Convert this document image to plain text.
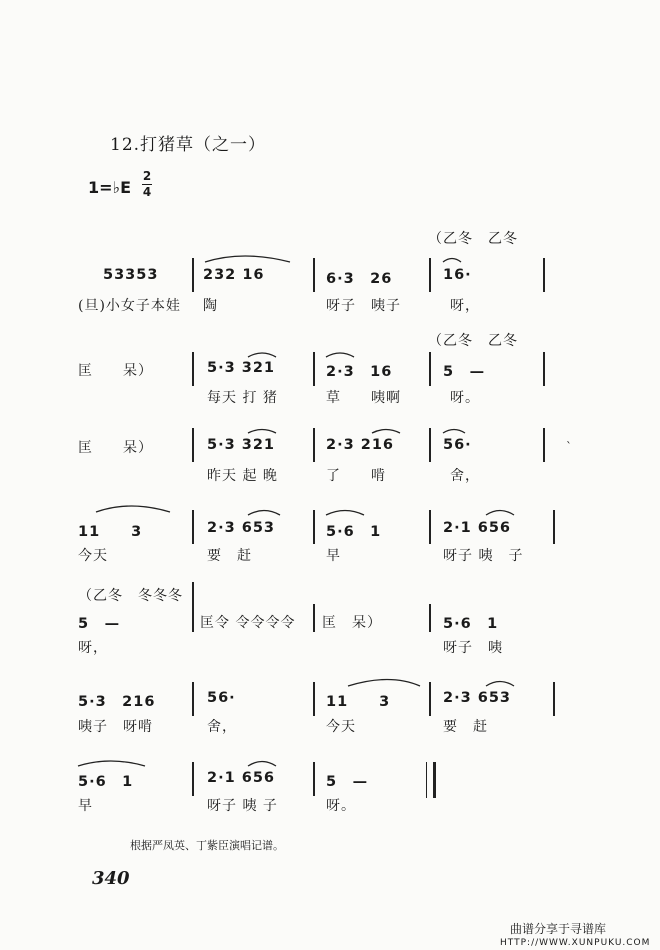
12.打猪草（之一）
1=♭E
2
4
（乙冬　乙冬
53353	232 16	6·3　26	16·
(旦)小女子本娃 陶	呀子　咦子	呀，
（乙冬　乙冬
匡　　呆）	5·3 321	2·3　16	5　—
每天 打 猪	草　　咦啊	呀。
匡　　呆）	5·3 321	2·3 216	56·
昨天 起 晚	了　　啃	舍，
ˋ
11　　3	2·3 653	5·6　1	2·1 656
今天	要　赶	早	呀子 咦　子
（乙冬　冬冬冬
5　—	匡令 令令令令 匡　呆）	5·6　1
呀，	呀子　咦
5·3　216	56·	11　　3	2·3 653
咦子　呀啃	舍，	今天	要　赶
5·6　1	2·1 656	5　—
早	呀子 咦 子	呀。
根据严凤英、丁紫臣演唱记谱。
340
曲谱分享于寻谱库
HTTP://WWW.XUNPUKU.COM
